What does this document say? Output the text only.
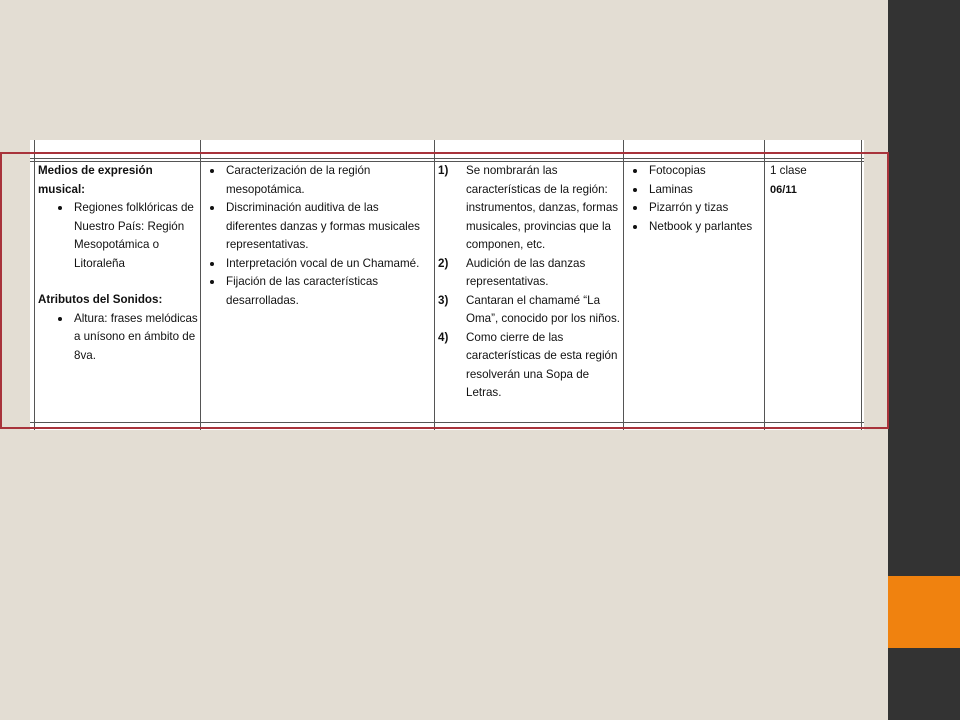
Medios de expresión musical:
Regiones folklóricas de Nuestro País: Región Mesopotámica o Litoraleña
Atributos del Sonidos:
Altura: frases melódicas a unísono en ámbito de 8va.
Caracterización de la región mesopotámica.
Discriminación auditiva de las diferentes danzas y formas musicales representativas.
Interpretación vocal de un Chamamé.
Fijación de las características desarrolladas.
1) Se nombrarán las características de la región: instrumentos, danzas, formas musicales, provincias que la componen, etc.
2) Audición de las danzas representativas.
3) Cantaran el chamamé “La Oma”, conocido por los niños.
4) Como cierre de las características de esta región resolverán una Sopa de Letras.
Fotocopias
Laminas
Pizarrón y tizas
Netbook y parlantes
1 clase
06/11
